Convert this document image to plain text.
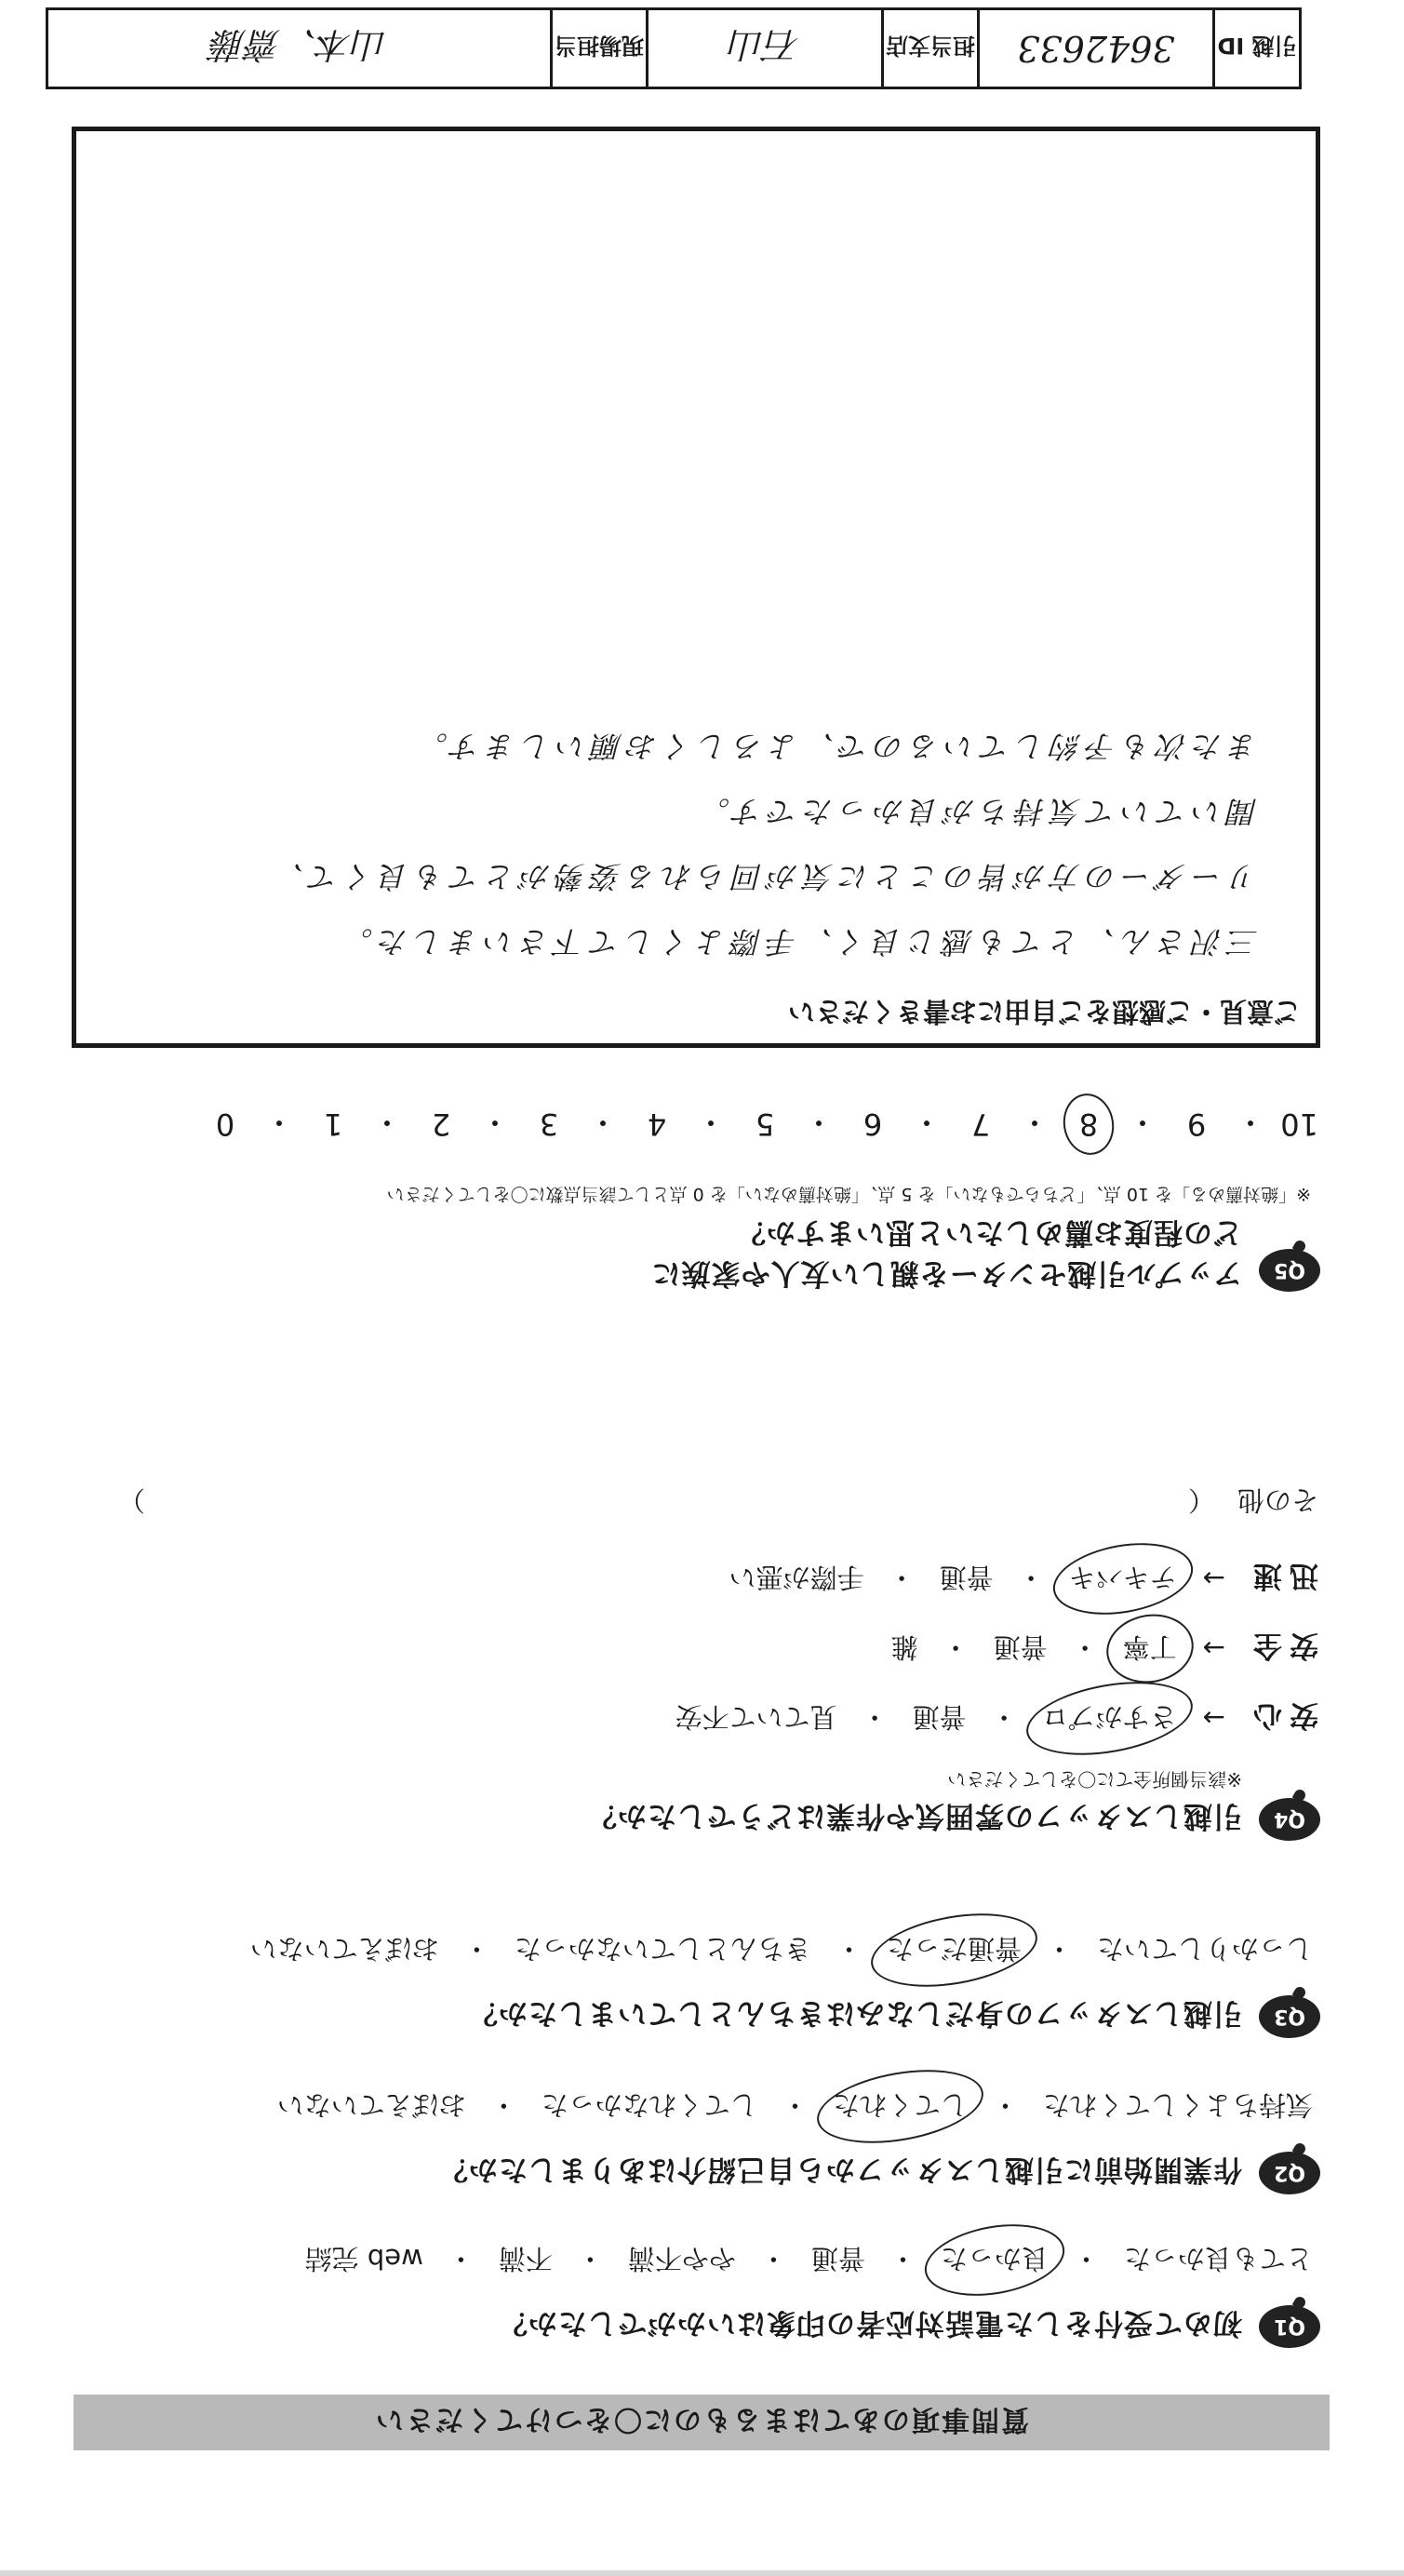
質問事項のあてはまるものに〇をつけてください
Q1
初めて受付をした電話対応者の印象はいかがでしたか？
とても良かった
・
良かった
・
普通
・
やや不満
・
不満
・
web 完結
Q2
作業開始前に引越しスタッフから自己紹介はありましたか？
気持ちよくしてくれた
・
してくれた
・
してくれなかった
・
おぼえていない
Q3
引越しスタッフの身だしなみはきちんとしていましたか？
しっかりしていた
・
普通だった
・
きちんとしていなかった
・
おぼえていない
Q4
引越しスタッフの雰囲気や作業はどうでしたか？
※該当個所全てに〇をしてください
安心
→
さすがプロ
・
普通
・
見ていて不安
安全
→
丁寧
・
普通
・
雑
迅速
→
テキパキ
・
普通
・
手際が悪い
その他
（
）
Q5
アップル引越センターを親しい友人や家族に
どの程度お薦めしたいと思いますか？
※「絶対薦める」を 10 点、「どちらでもない」を 5 点、「絶対薦めない」を 0 点として該当点数に〇をしてください
10
・
9
・
8
・
7
・
6
・
5
・
4
・
3
・
2
・
1
・
0
ご意見・ご感想をご自由にお書きください
三沢さん、とても感じ良く、手際よくして下さいました。
リーダーの方が皆のことに気が回られる姿勢がとても良くて、
聞いていて気持ちが良かったです。
また次も予約しているので、よろしくお願いします。
引越 ID
3642633
担当支店
石山
現場担当
山本、齋藤
